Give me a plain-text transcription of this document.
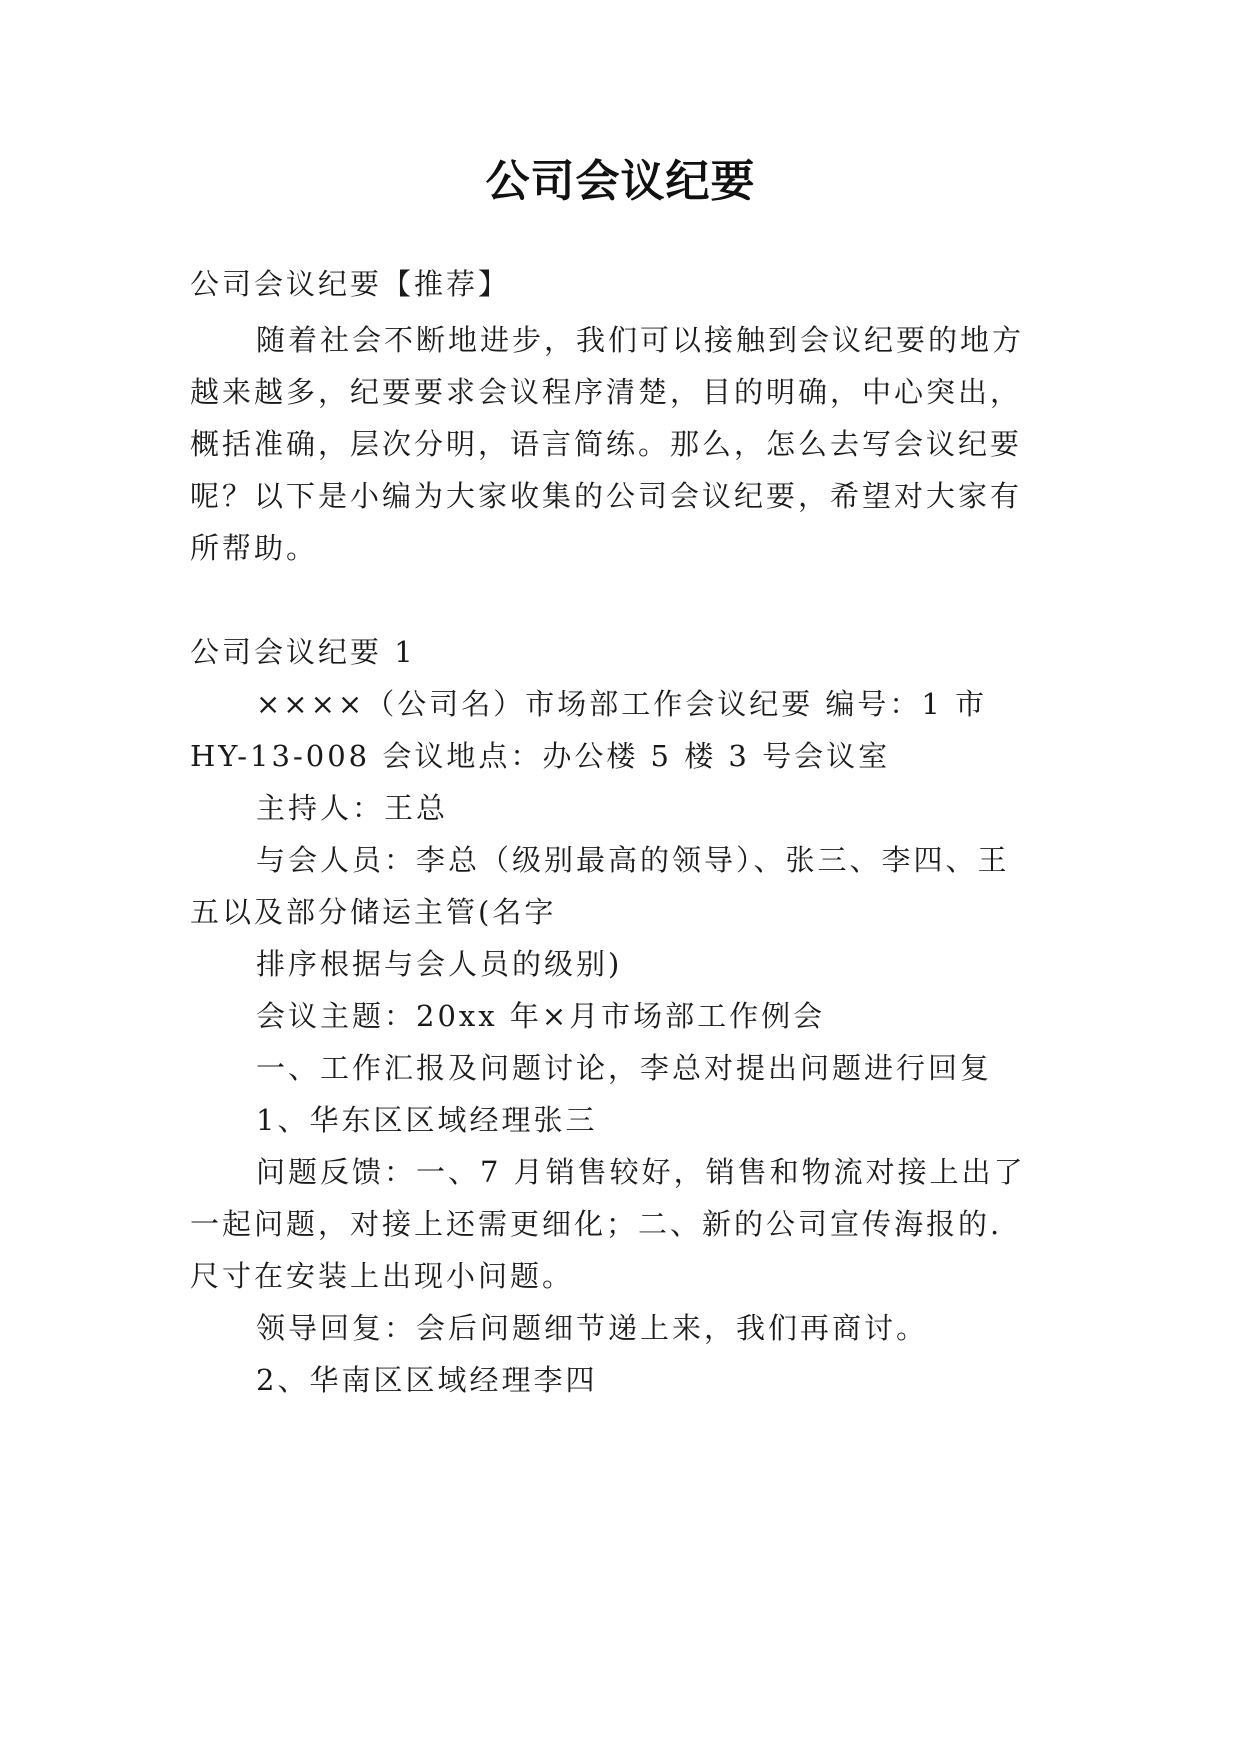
公司会议纪要
公司会议纪要【推荐】
随着社会不断地进步，我们可以接触到会议纪要的地方
越来越多，纪要要求会议程序清楚，目的明确，中心突出，
概括准确，层次分明，语言简练。那么，怎么去写会议纪要
呢？以下是小编为大家收集的公司会议纪要，希望对大家有
所帮助。
公司会议纪要 1
××××（公司名）市场部工作会议纪要 编号：1 市
HY-13-008 会议地点：办公楼 5 楼 3 号会议室
主持人：王总
与会人员：李总（级别最高的领导）、张三、李四、王
五以及部分储运主管(名字
排序根据与会人员的级别)
会议主题：20xx 年×月市场部工作例会
一、工作汇报及问题讨论，李总对提出问题进行回复
1、华东区区域经理张三
问题反馈：一、7 月销售较好，销售和物流对接上出了
一起问题，对接上还需更细化；二、新的公司宣传海报的.
尺寸在安装上出现小问题。
领导回复：会后问题细节递上来，我们再商讨。
2、华南区区域经理李四
